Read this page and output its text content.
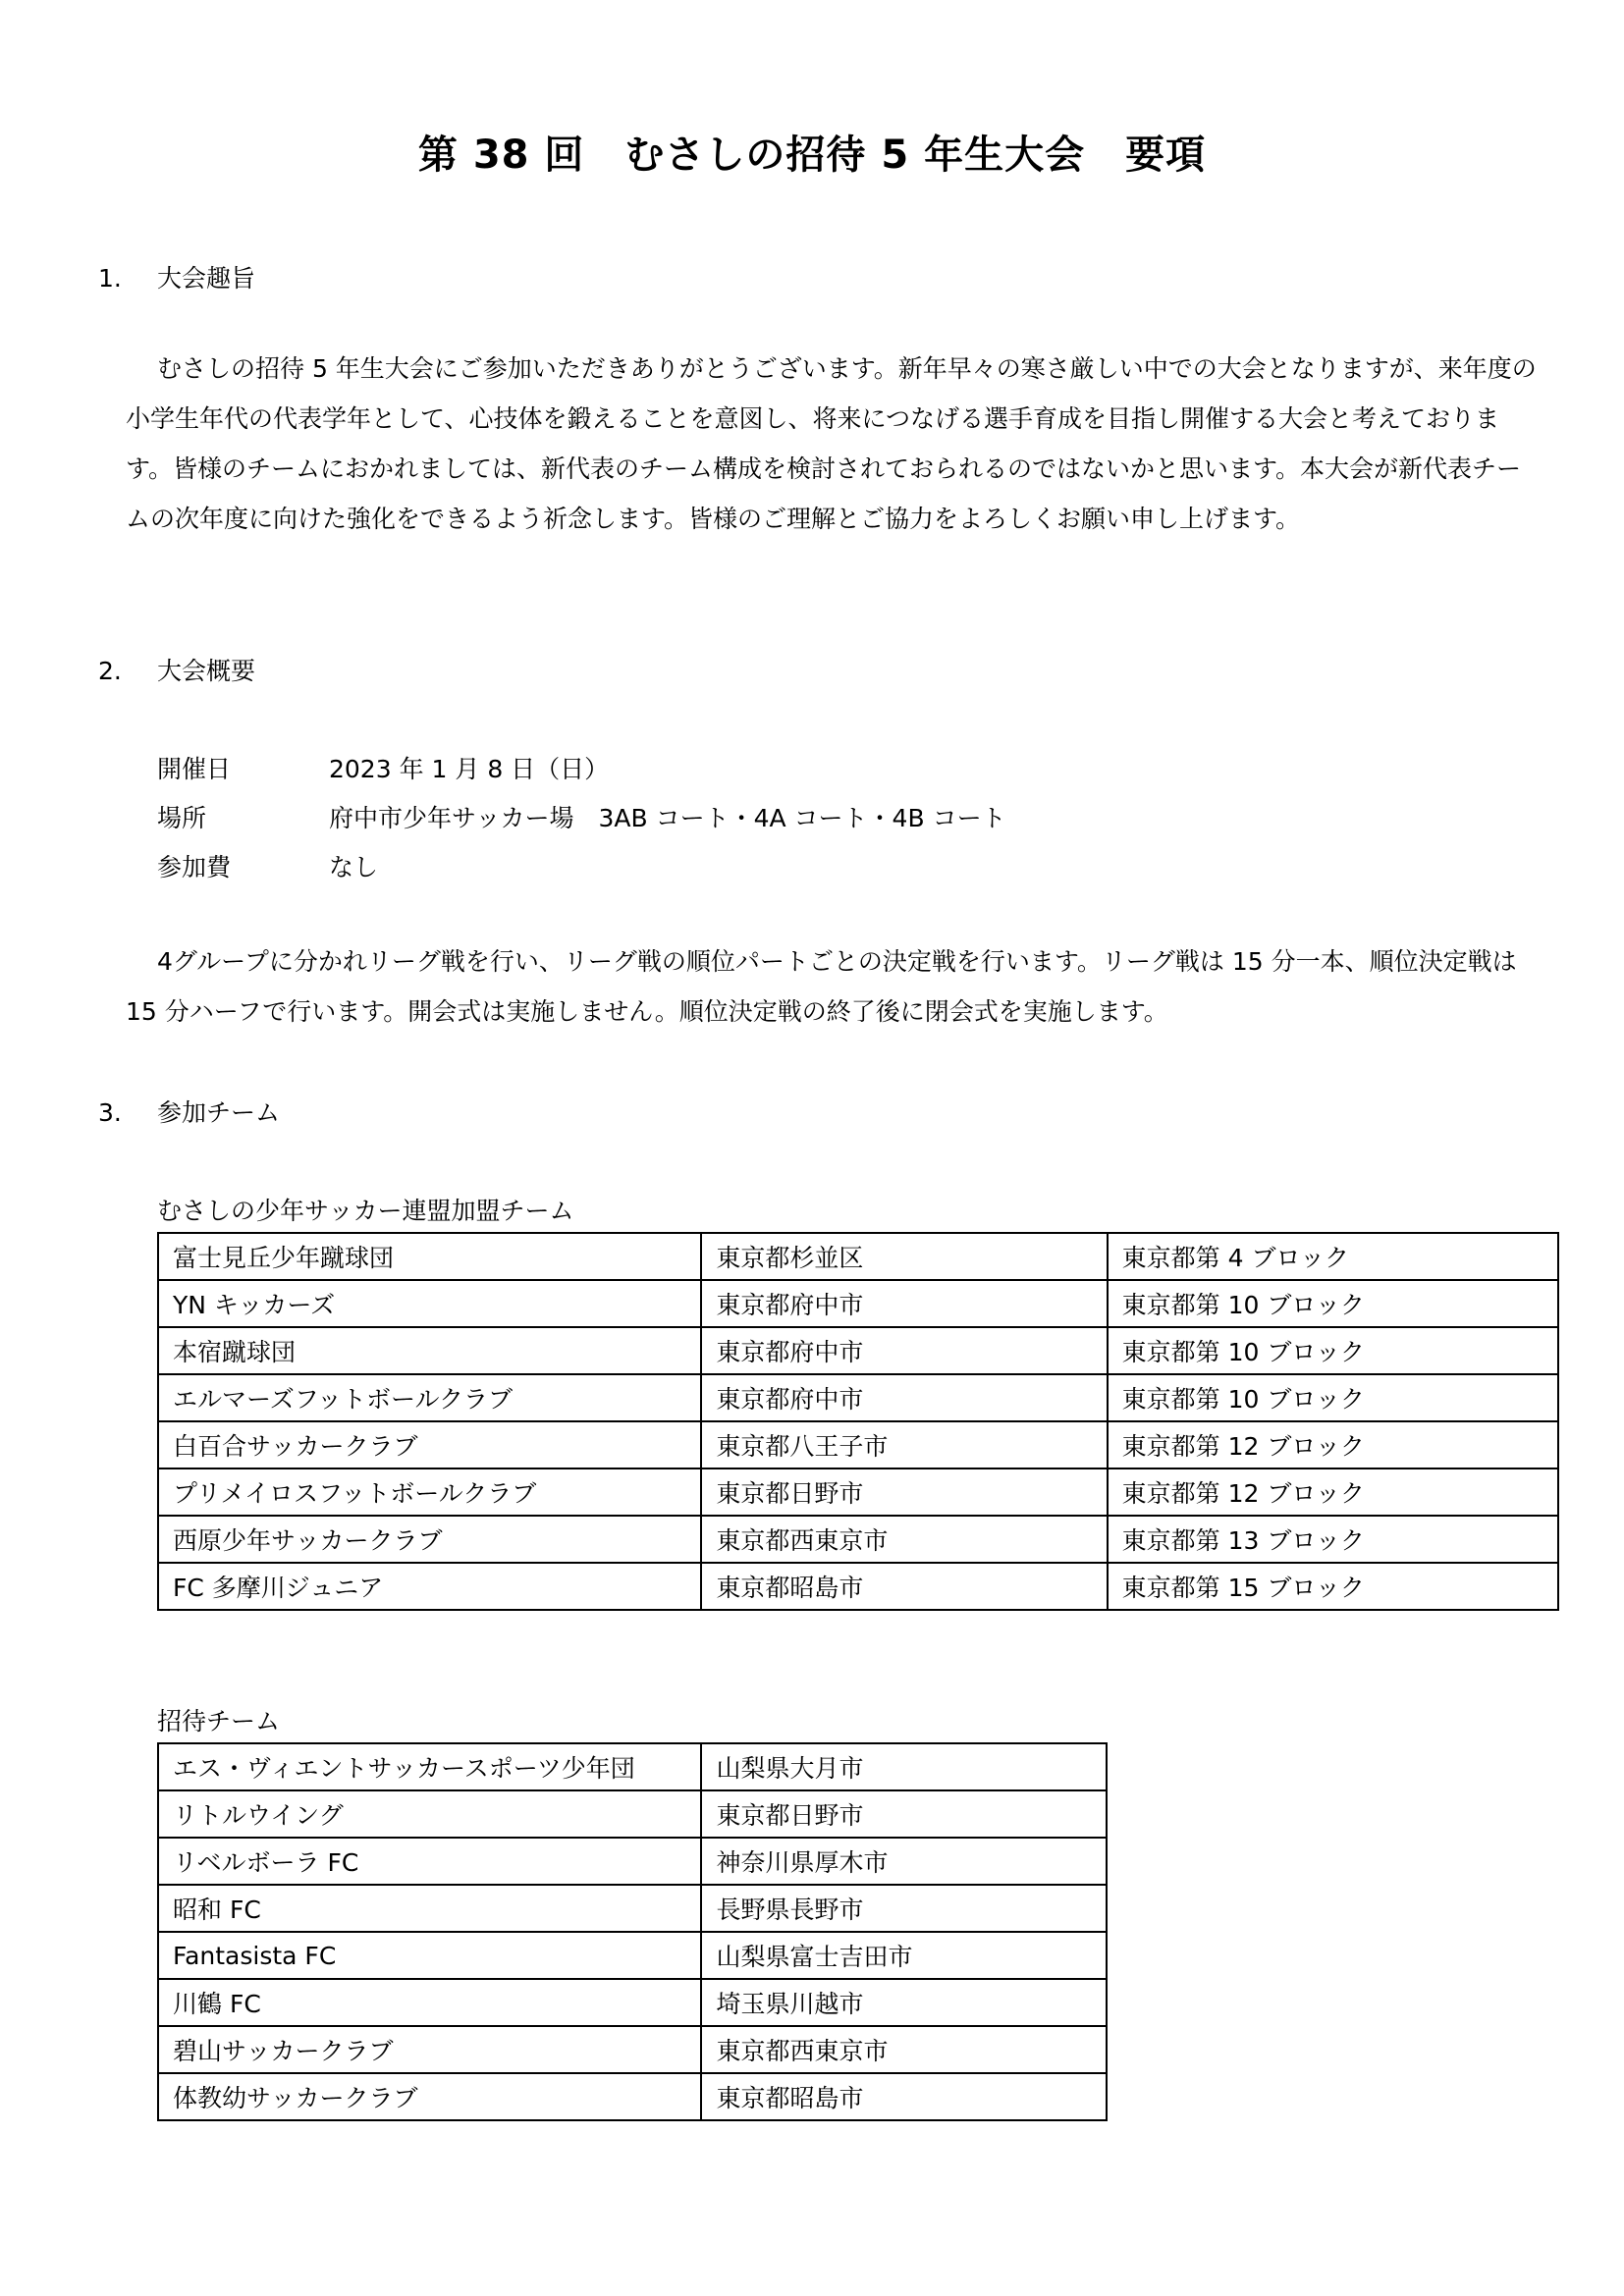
第 38 回　むさしの招待 5 年生大会　要項
1. 大会趣旨

むさしの招待 5 年生大会にご参加いただきありがとうございます。新年早々の寒さ厳しい中での大会となりますが、来年度の小学生年代の代表学年として、心技体を鍛えることを意図し、将来につなげる選手育成を目指し開催する大会と考えております。皆様のチームにおかれましては、新代表のチーム構成を検討されておられるのではないかと思います。本大会が新代表チームの次年度に向けた強化をできるよう祈念します。皆様のご理解とご協力をよろしくお願い申し上げます。

2. 大会概要
開催日	2023 年 1 月 8 日（日）
場所	府中市少年サッカー場　3AB コート・4A コート・4B コート
参加費	なし

4グループに分かれリーグ戦を行い、リーグ戦の順位パートごとの決定戦を行います。リーグ戦は 15 分一本、順位決定戦は 15 分ハーフで行います。開会式は実施しません。順位決定戦の終了後に閉会式を実施します。

3. 参加チーム
むさしの少年サッカー連盟加盟チーム
富士見丘少年蹴球団	東京都杉並区	東京都第 4 ブロック
YN キッカーズ	東京都府中市	東京都第 10 ブロック
本宿蹴球団	東京都府中市	東京都第 10 ブロック
エルマーズフットボールクラブ	東京都府中市	東京都第 10 ブロック
白百合サッカークラブ	東京都八王子市	東京都第 12 ブロック
プリメイロスフットボールクラブ	東京都日野市	東京都第 12 ブロック
西原少年サッカークラブ	東京都西東京市	東京都第 13 ブロック
FC 多摩川ジュニア	東京都昭島市	東京都第 15 ブロック
招待チーム
エス・ヴィエントサッカースポーツ少年団	山梨県大月市
リトルウイング	東京都日野市
リベルボーラ FC	神奈川県厚木市
昭和 FC	長野県長野市
Fantasista FC	山梨県富士吉田市
川鶴 FC	埼玉県川越市
碧山サッカークラブ	東京都西東京市
体教幼サッカークラブ	東京都昭島市
